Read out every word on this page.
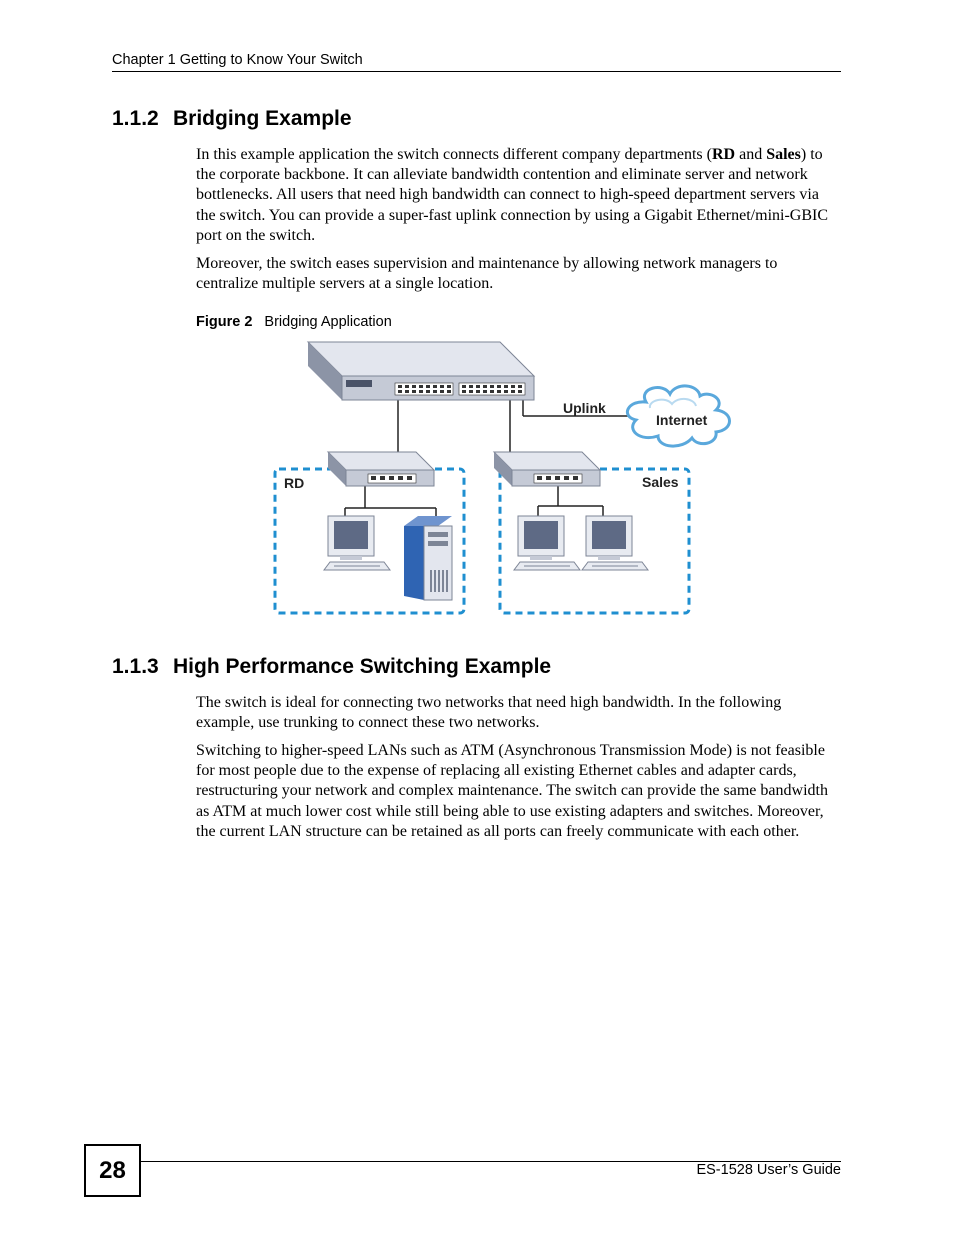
Chapter 1 Getting to Know Your Switch
1.1.2 Bridging Example

In this example application the switch connects different company departments (RD and Sales) to the corporate backbone. It can alleviate bandwidth contention and eliminate server and network bottlenecks. All users that need high bandwidth can connect to high-speed department servers via the switch. You can provide a super-fast uplink connection by using a Gigabit Ethernet/mini-GBIC port on the switch.

Moreover, the switch eases supervision and maintenance by allowing network managers to centralize multiple servers at a single location.

Figure 2 Bridging Application
Uplink
Internet
RD	Sales
1.1.3 High Performance Switching Example

The switch is ideal for connecting two networks that need high bandwidth. In the following example, use trunking to connect these two networks.

Switching to higher-speed LANs such as ATM (Asynchronous Transmission Mode) is not feasible for most people due to the expense of replacing all existing Ethernet cables and adapter cards, restructuring your network and complex maintenance. The switch can provide the same bandwidth as ATM at much lower cost while still being able to use existing adapters and switches. Moreover, the current LAN structure can be retained as all ports can freely communicate with each other.

28	ES-1528 User’s Guide
